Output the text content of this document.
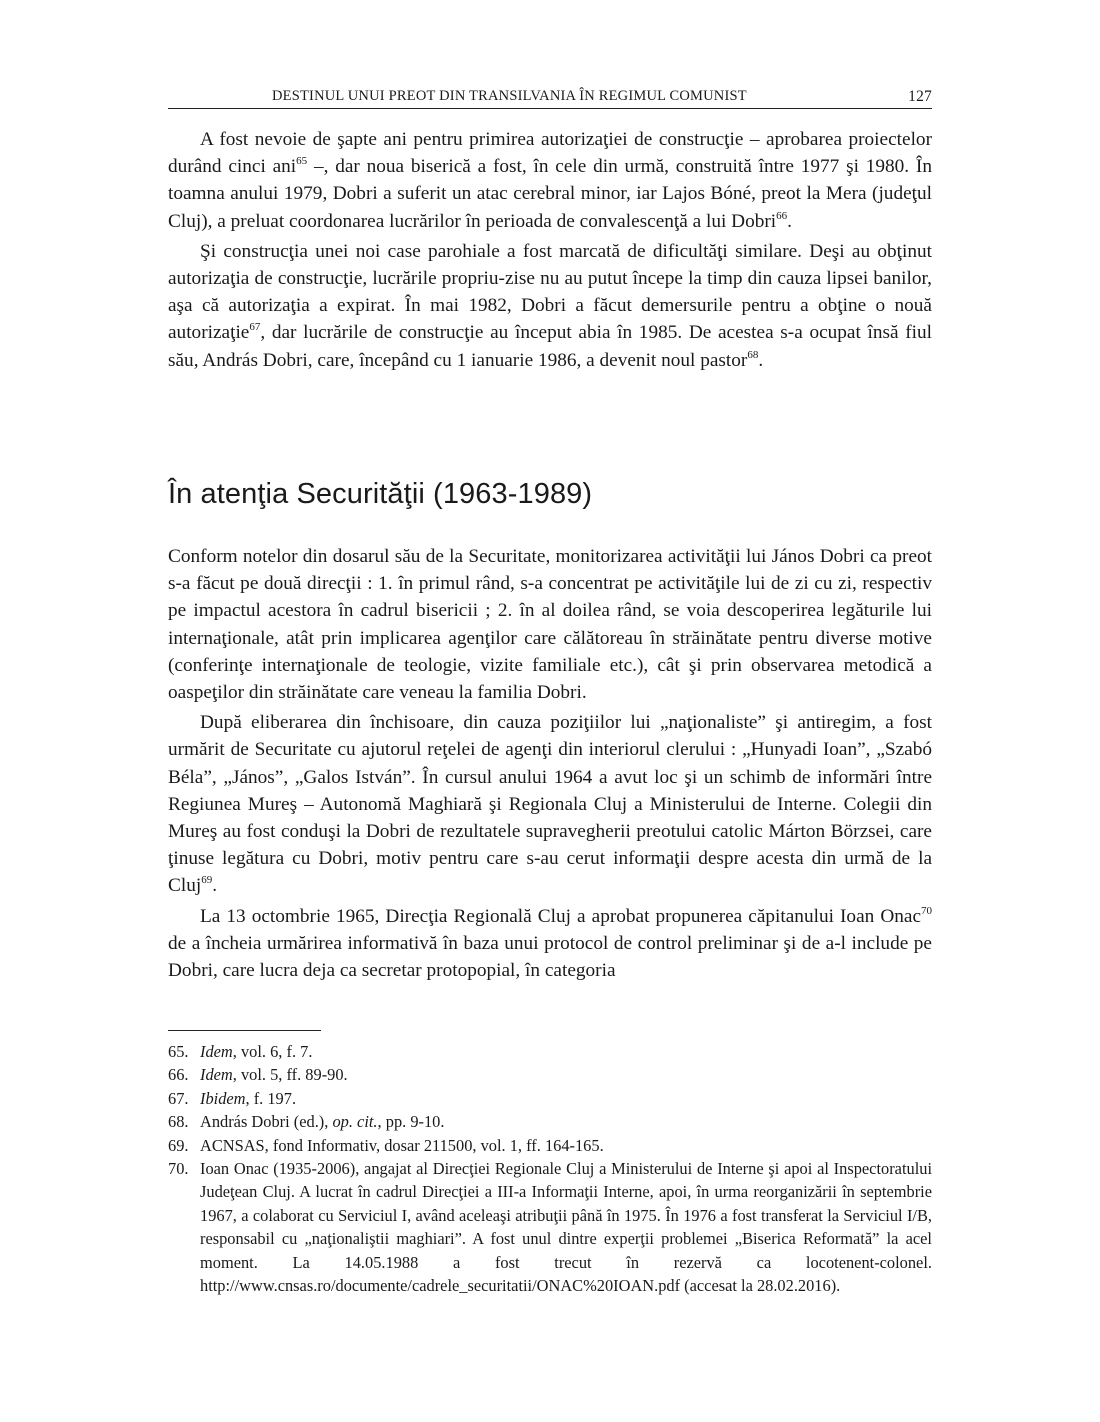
DESTINUL UNUI PREOT DIN TRANSILVANIA ÎN REGIMUL COMUNIST	127

A fost nevoie de şapte ani pentru primirea autorizaţiei de construcţie – aprobarea proiectelor durând cinci ani$^{65}$ –, dar noua biserică a fost, în cele din urmă, construită între 1977 şi 1980. În toamna anului 1979, Dobri a suferit un atac cerebral minor, iar Lajos Bóné, preot la Mera (judeţul Cluj), a preluat coordonarea lucrărilor în perioada de convalescenţă a lui Dobri$^{66}$.

Şi construcţia unei noi case parohiale a fost marcată de dificultăţi similare. Deşi au obţinut autorizaţia de construcţie, lucrările propriu-zise nu au putut începe la timp din cauza lipsei banilor, aşa că autorizaţia a expirat. În mai 1982, Dobri a făcut demersurile pentru a obţine o nouă autorizaţie$^{67}$, dar lucrările de construcţie au început abia în 1985. De acestea s-a ocupat însă fiul său, András Dobri, care, începând cu 1 ianuarie 1986, a devenit noul pastor$^{68}$.

În atenţia Securităţii (1963-1989)

Conform notelor din dosarul său de la Securitate, monitorizarea activităţii lui János Dobri ca preot s-a făcut pe două direcţii : 1. în primul rând, s-a concentrat pe activităţile lui de zi cu zi, respectiv pe impactul acestora în cadrul bisericii ; 2. în al doilea rând, se voia descoperirea legăturile lui internaţionale, atât prin implicarea agenţilor care călătoreau în străinătate pentru diverse motive (conferinţe internaţionale de teologie, vizite familiale etc.), cât şi prin observarea metodică a oaspeţilor din străinătate care veneau la familia Dobri.

După eliberarea din închisoare, din cauza poziţiilor lui „naţionaliste” şi antiregim, a fost urmărit de Securitate cu ajutorul reţelei de agenţi din interiorul clerului : „Hunyadi Ioan”, „Szabó Béla”, „János”, „Galos István”. În cursul anului 1964 a avut loc şi un schimb de informări între Regiunea Mureş – Autonomă Maghiară şi Regionala Cluj a Ministerului de Interne. Colegii din Mureş au fost conduşi la Dobri de rezultatele supravegherii preotului catolic Márton Börzsei, care ţinuse legătura cu Dobri, motiv pentru care s-au cerut informaţii despre acesta din urmă de la Cluj$^{69}$.

La 13 octombrie 1965, Direcţia Regională Cluj a aprobat propunerea căpitanului Ioan Onac$^{70}$ de a încheia urmărirea informativă în baza unui protocol de control preliminar şi de a-l include pe Dobri, care lucra deja ca secretar protopopial, în categoria

65. Idem, vol. 6, f. 7.
66. Idem, vol. 5, ff. 89-90.
67. Ibidem, f. 197.
68. András Dobri (ed.), op. cit., pp. 9-10.
69. ACNSAS, fond Informativ, dosar 211500, vol. 1, ff. 164-165.
70. Ioan Onac (1935-2006), angajat al Direcţiei Regionale Cluj a Ministerului de Interne şi apoi al Inspectoratului Judeţean Cluj. A lucrat în cadrul Direcţiei a III-a Informaţii Interne, apoi, în urma reorganizării în septembrie 1967, a colaborat cu Serviciul I, având aceleaşi atribuţii până în 1975. În 1976 a fost transferat la Serviciul I/B, responsabil cu „naţionaliştii maghiari”. A fost unul dintre experţii problemei „Biserica Reformată” la acel moment. La 14.05.1988 a fost trecut în rezervă ca locotenent-colonel. http://www.cnsas.ro/documente/cadrele_securitatii/ONAC%20IOAN.pdf (accesat la 28.02.2016).
